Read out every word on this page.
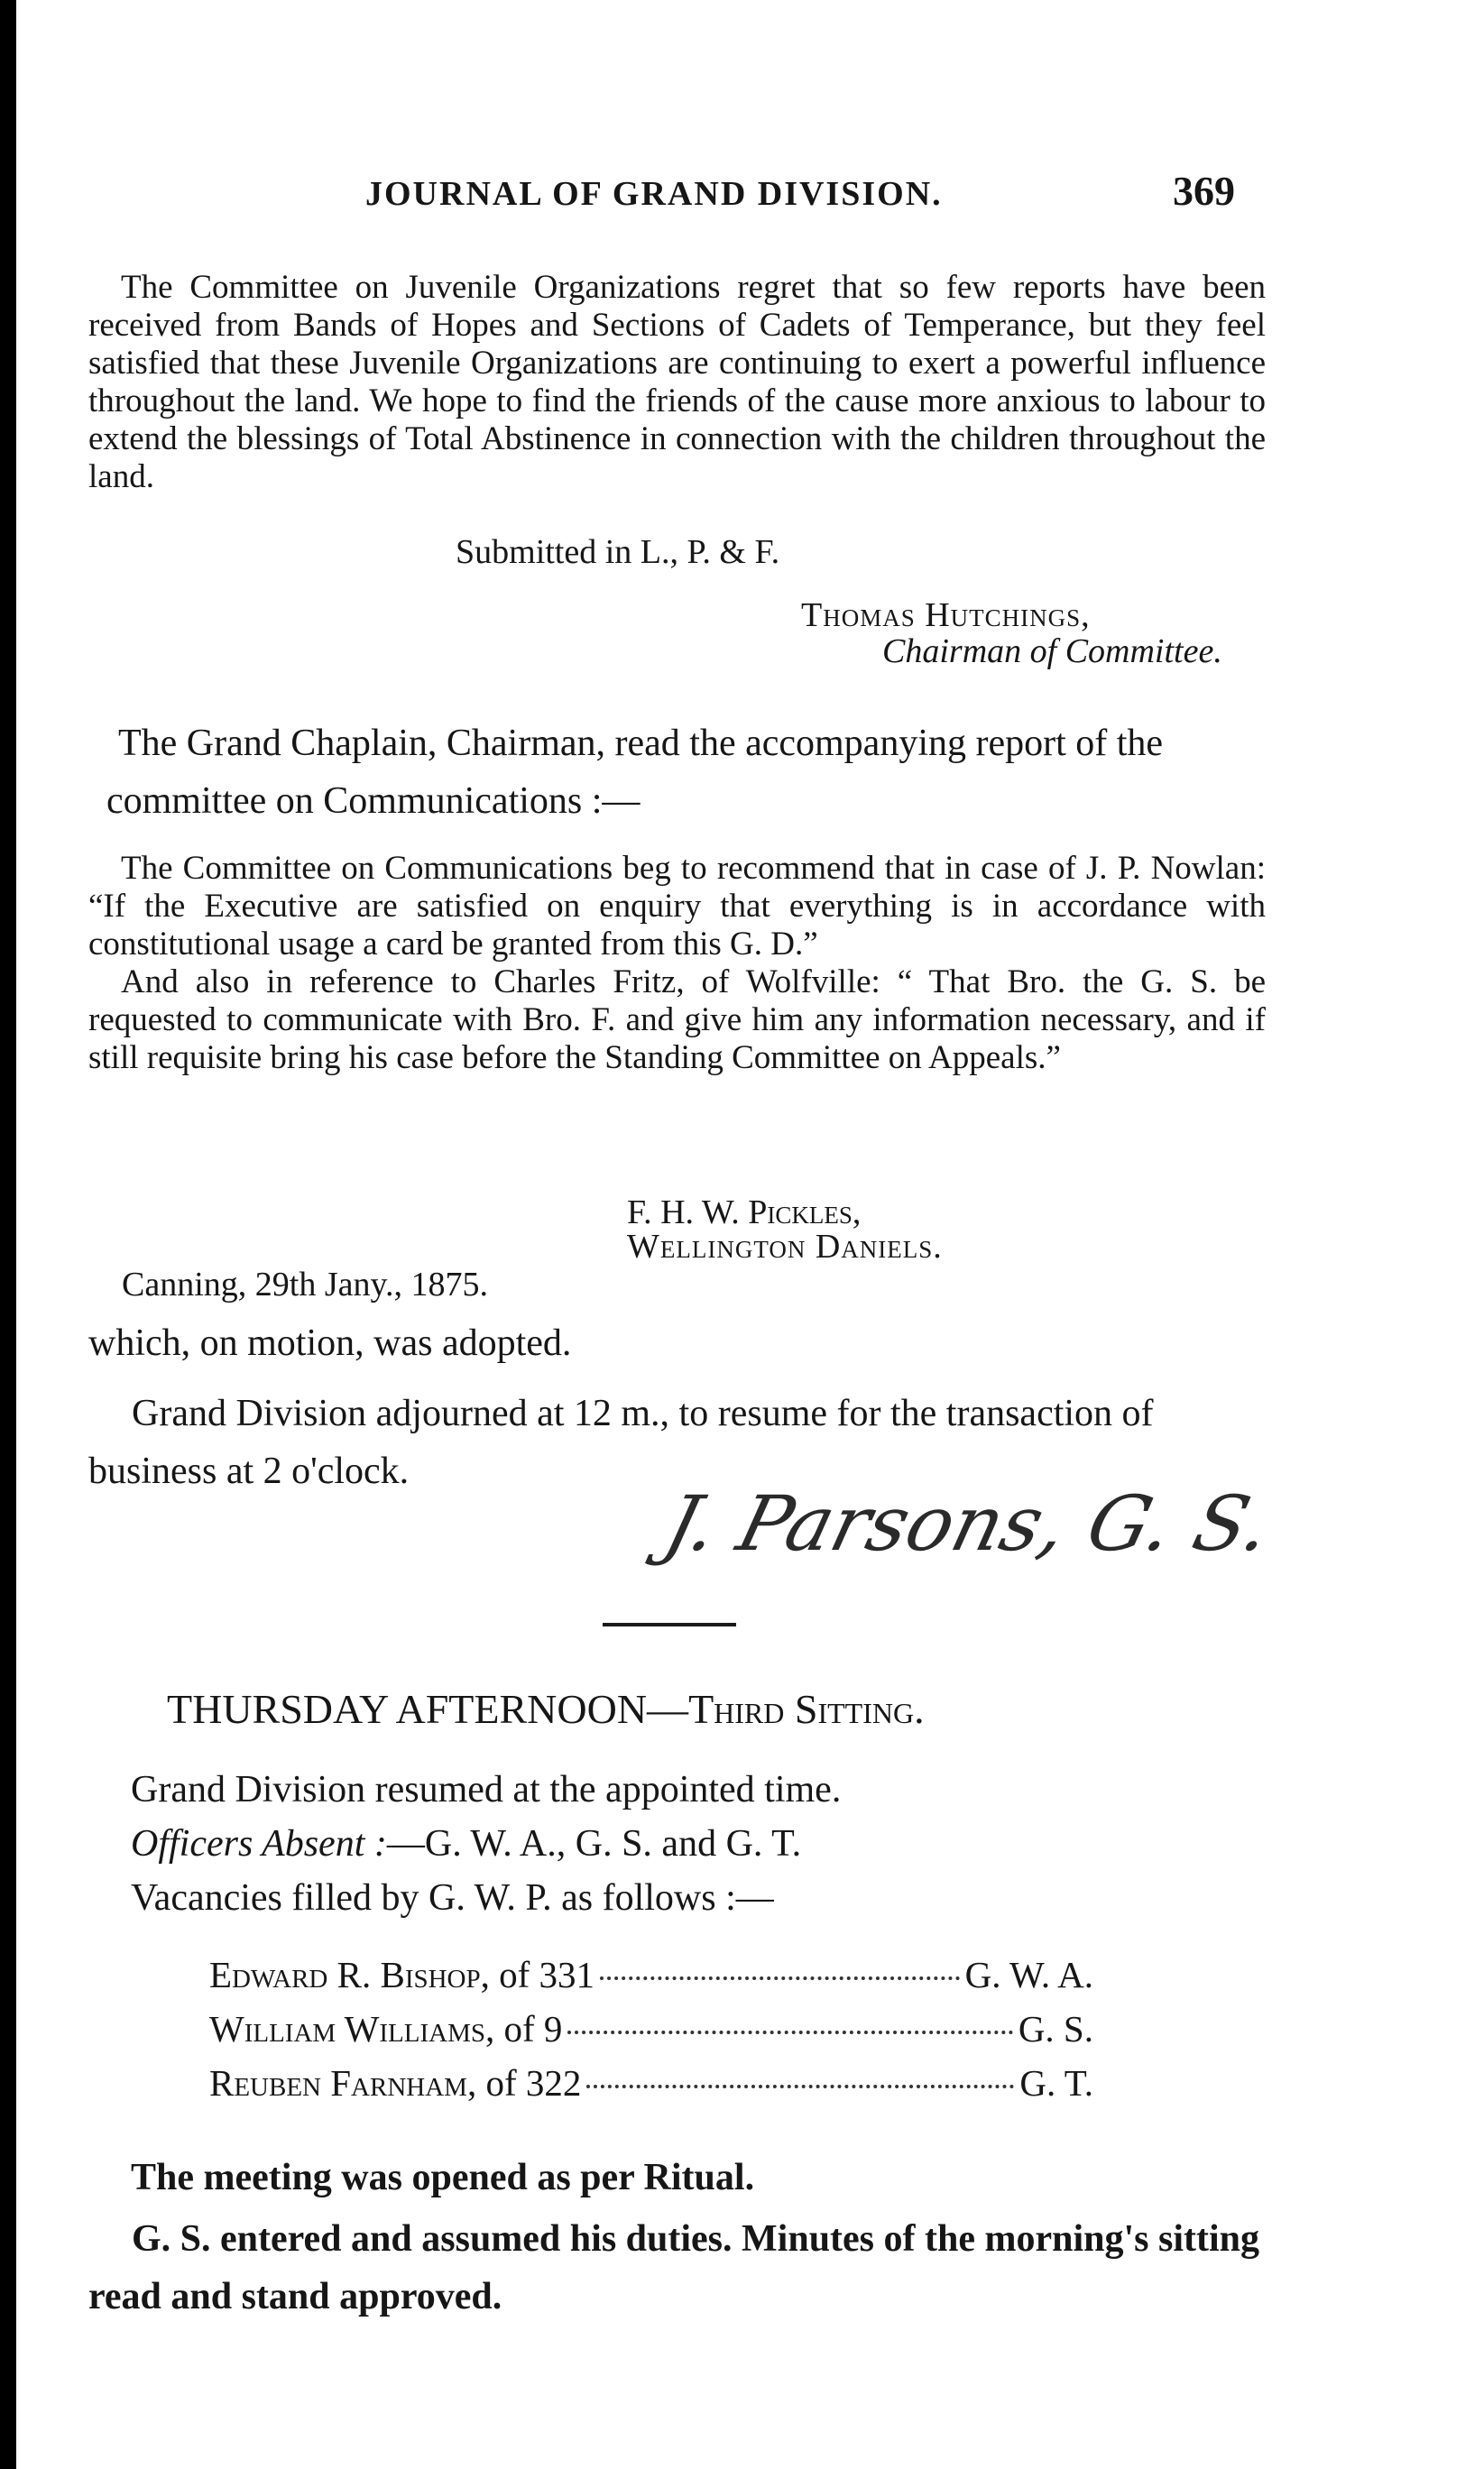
JOURNAL OF GRAND DIVISION.	369

The Committee on Juvenile Organizations regret that so few reports have been received from Bands of Hopes and Sections of Cadets of Temperance, but they feel satisfied that these Juvenile Organizations are continuing to exert a powerful influence throughout the land. We hope to find the friends of the cause more anxious to labour to extend the blessings of Total Abstinence in connection with the children throughout the land.

Submitted in L., P. & F.
Thomas Hutchings,
Chairman of Committee.

The Grand Chaplain, Chairman, read the accompanying report of the committee on Communications :—

The Committee on Communications beg to recommend that in case of J. P. Nowlan: “If the Executive are satisfied on enquiry that everything is in accordance with constitutional usage a card be granted from this G. D.”

And also in reference to Charles Fritz, of Wolfville: “ That Bro. the G. S. be requested to communicate with Bro. F. and give him any information necessary, and if still requisite bring his case before the Standing Committee on Appeals.”

F. H. W. Pickles,
Wellington Daniels.
Canning, 29th Jany., 1875.
which, on motion, was adopted.

Grand Division adjourned at 12 m., to resume for the transaction of business at 2 o'clock.

J. Parsons, G. S.
THURSDAY AFTERNOON—Third Sitting.
Grand Division resumed at the appointed time.
Officers Absent :—G. W. A., G. S. and G. T.
Vacancies filled by G. W. P. as follows :—
Edward R. Bishop, of 331	G. W. A.
William Williams, of 9	G. S.
Reuben Farnham, of 322	G. T.
The meeting was opened as per Ritual.

G. S. entered and assumed his duties. Minutes of the morning's sitting read and stand approved.
